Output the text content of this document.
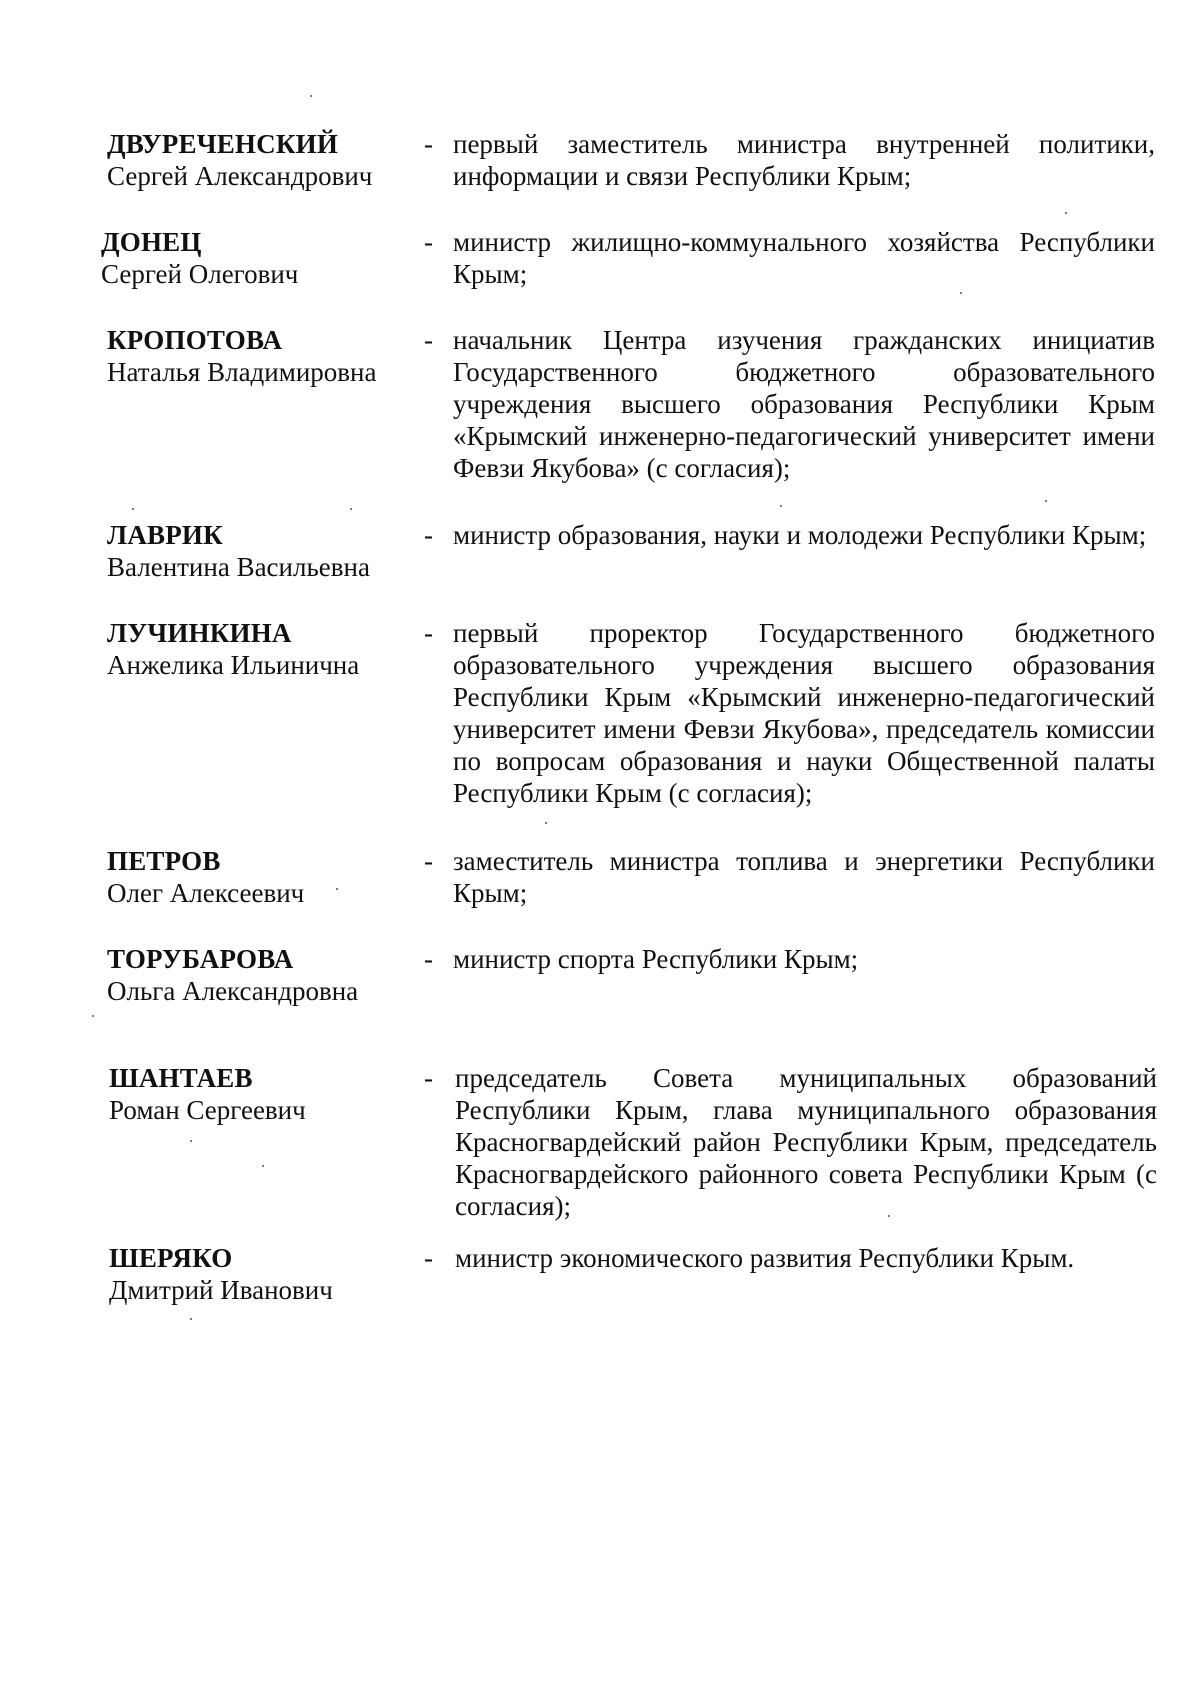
ДВУРЕЧЕНСКИЙ
Сергей Александрович
- первый заместитель министра внутренней политики, информации и связи Республики Крым;
ДОНЕЦ
Сергей Олегович
- министр жилищно-коммунального хозяйства Республики Крым;
КРОПОТОВА
Наталья Владимировна
- начальник Центра изучения гражданских инициатив Государственного бюджетного образовательного учреждения высшего образования Республики Крым «Крымский инженерно-педагогический университет имени Февзи Якубова» (с согласия);
ЛАВРИК
Валентина Васильевна
- министр образования, науки и молодежи Республики Крым;
ЛУЧИНКИНА
Анжелика Ильинична
- первый проректор Государственного бюджетного образовательного учреждения высшего образования Республики Крым «Крымский инженерно-педагогический университет имени Февзи Якубова», председатель комиссии по вопросам образования и науки Общественной палаты Республики Крым (с согласия);
ПЕТРОВ
Олег Алексеевич
- заместитель министра топлива и энергетики Республики Крым;
ТОРУБАРОВА
Ольга Александровна
- министр спорта Республики Крым;
ШАНТАЕВ
Роман Сергеевич
- председатель Совета муниципальных образований Республики Крым, глава муниципального образования Красногвардейский район Республики Крым, председатель Красногвардейского районного совета Республики Крым (с согласия);
ШЕРЯКО
Дмитрий Иванович
- министр экономического развития Республики Крым.
